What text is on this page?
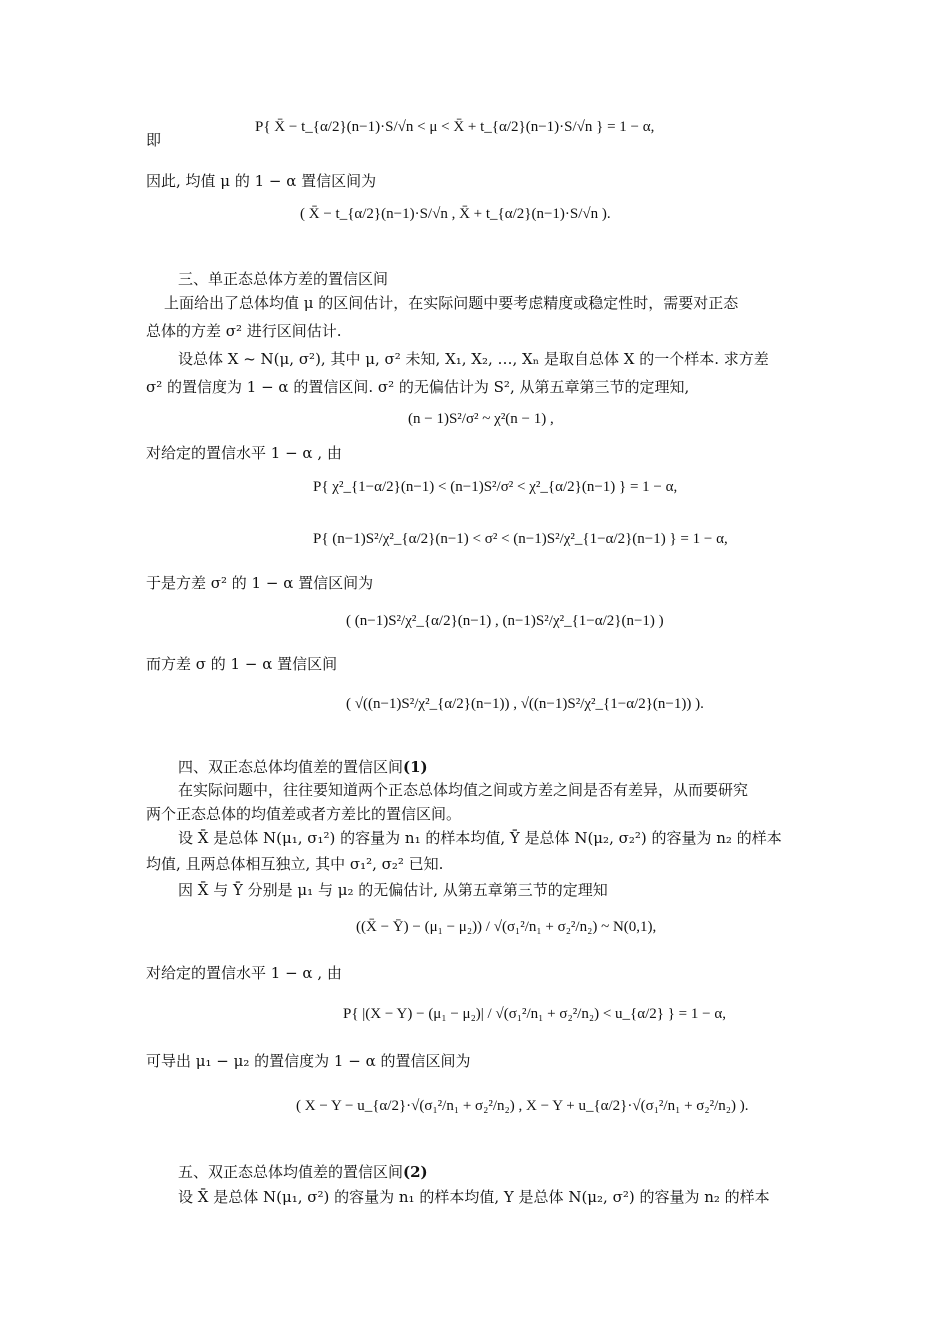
即
P{ X̄ − t_{α/2}(n−1)·S/√n < μ < X̄ + t_{α/2}(n−1)·S/√n } = 1 − α,
因此, 均值 μ 的 1 − α 置信区间为
( X̄ − t_{α/2}(n−1)·S/√n , X̄ + t_{α/2}(n−1)·S/√n ).
三、单正态总体方差的置信区间
上面给出了总体均值 μ 的区间估计，在实际问题中要考虑精度或稳定性时，需要对正态
总体的方差 σ² 进行区间估计.
设总体 X ~ N(μ, σ²), 其中 μ, σ² 未知, X₁, X₂, …, Xₙ 是取自总体 X 的一个样本. 求方差
σ² 的置信度为 1 − α 的置信区间. σ² 的无偏估计为 S², 从第五章第三节的定理知,
(n − 1)S²/σ² ~ χ²(n − 1) ,
对给定的置信水平 1 − α , 由
P{ χ²_{1−α/2}(n−1) < (n−1)S²/σ² < χ²_{α/2}(n−1) } = 1 − α,
P{ (n−1)S²/χ²_{α/2}(n−1) < σ² < (n−1)S²/χ²_{1−α/2}(n−1) } = 1 − α,
于是方差 σ² 的 1 − α 置信区间为
( (n−1)S²/χ²_{α/2}(n−1) , (n−1)S²/χ²_{1−α/2}(n−1) )
而方差 σ 的 1 − α 置信区间
( √((n−1)S²/χ²_{α/2}(n−1)) , √((n−1)S²/χ²_{1−α/2}(n−1)) ).
四、双正态总体均值差的置信区间(1)
在实际问题中，往往要知道两个正态总体均值之间或方差之间是否有差异，从而要研究
两个正态总体的均值差或者方差比的置信区间。
设 X̄ 是总体 N(μ₁, σ₁²) 的容量为 n₁ 的样本均值, Ȳ 是总体 N(μ₂, σ₂²) 的容量为 n₂ 的样本
均值, 且两总体相互独立, 其中 σ₁², σ₂² 已知.
因 X̄ 与 Ȳ 分别是 μ₁ 与 μ₂ 的无偏估计, 从第五章第三节的定理知
((X̄ − Ȳ) − (μ₁ − μ₂)) / √(σ₁²/n₁ + σ₂²/n₂) ~ N(0,1),
对给定的置信水平 1 − α , 由
P{ |(X − Y) − (μ₁ − μ₂)| / √(σ₁²/n₁ + σ₂²/n₂) < u_{α/2} } = 1 − α,
可导出 μ₁ − μ₂ 的置信度为 1 − α 的置信区间为
( X − Y − u_{α/2}·√(σ₁²/n₁ + σ₂²/n₂) , X − Y + u_{α/2}·√(σ₁²/n₁ + σ₂²/n₂) ).
五、双正态总体均值差的置信区间(2)
设 X̄ 是总体 N(μ₁, σ²) 的容量为 n₁ 的样本均值, Y 是总体 N(μ₂, σ²) 的容量为 n₂ 的样本
